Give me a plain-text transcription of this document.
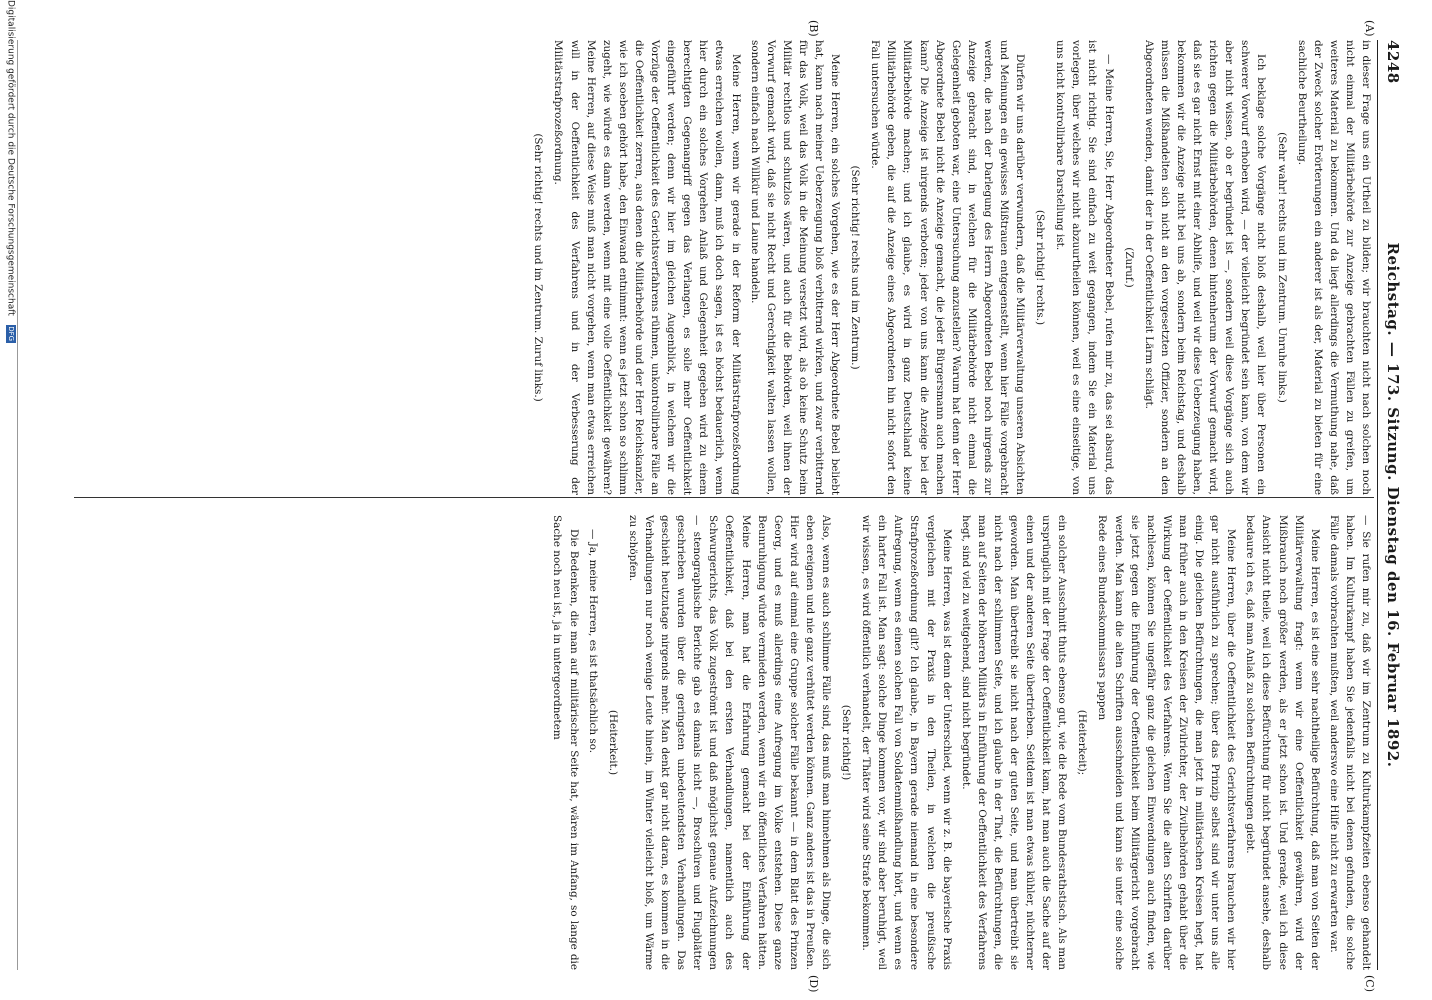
4248
Reichstag. — 173. Sitzung. Dienstag den 16. Februar 1892.
(A)
(B)
(C)
(D)

in dieser Frage uns ein Urtheil zu bilden; wir brauchten nicht nach solchen noch nicht einmal der Militärbehörde zur Anzeige gebrachten Fällen zu greifen, um weiteres Material zu bekommen. Und da liegt allerdings die Vermuthung nahe, daß der Zweck solcher Erörterungen ein anderer ist als der, Material zu bieten für eine sachliche Beurtheilung.

(Sehr wahr! rechts und im Zentrum. Unruhe links.)

Ich beklage solche Vorgänge nicht bloß deshalb, weil hier über Personen ein schwerer Vorwurf erhoben wird, — der vielleicht begründet sein kann, von dem wir aber nicht wissen, ob er begründet ist —, sondern weil diese Vorgänge sich auch richten gegen die Militärbehörden, denen hintenherum der Vorwurf gemacht wird, daß sie es gar nicht Ernst mit einer Abhilfe, und weil wir diese Ueberzeugung haben, bekommen wir die Anzeige nicht bei uns ab, sondern beim Reichstag, und deshalb müssen die Mißhandelten sich nicht an den vorgesetzten Offizier, sondern an den Abgeordneten wenden, damit der in der Oeffentlichkeit Lärm schlägt.

(Zuruf.)

— Meine Herren, Sie, Herr Abgeordneter Bebel, rufen mir zu, das sei absurd, das ist nicht richtig. Sie sind einfach zu weit gegangen, indem Sie ein Material uns vorlegen, über welches wir nicht abzuurtheilen können, weil es eine einseitige, von uns nicht kontrollirbare Darstellung ist.

(Sehr richtig! rechts.)

Dürfen wir uns darüber verwundern, daß die Militärverwaltung unseren Absichten und Meinungen ein gewisses Mißtrauen entgegenstellt, wenn hier Fälle vorgebracht werden, die nach der Darlegung des Herrn Abgeordneten Bebel noch nirgends zur Anzeige gebracht sind, in welchen für die Militärbehörde nicht einmal die Gelegenheit geboten war, eine Untersuchung anzustellen? Warum hat denn der Herr Abgeordnete Bebel nicht die Anzeige gemacht, die jeder Bürgersmann auch machen kann? Die Anzeige ist nirgends verboten; jeder von uns kann die Anzeige bei der Militärbehörde machen; und ich glaube, es wird in ganz Deutschland keine Militärbehörde geben, die auf die Anzeige eines Abgeordneten hin nicht sofort den Fall untersuchen würde.

(Sehr richtig! rechts und im Zentrum.)

Meine Herren, ein solches Vorgehen, wie es der Herr Abgeordnete Bebel beliebt hat, kann nach meiner Ueberzeugung bloß verbitternd wirken, und zwar verbitternd für das Volk, weil das Volk in die Meinung versetzt wird, als ob keine Schutz beim Militär rechtlos und schutzlos wären, und auch für die Behörden, weil ihnen der Vorwurf gemacht wird, daß sie nicht Recht und Gerechtigkeit walten lassen wollen, sondern einfach nach Willkür und Laune handeln.

Meine Herren, wenn wir gerade in der Reform der Militärstrafprozeßordnung etwas erreichen wollen, dann, muß ich doch sagen, ist es höchst bedauerlich, wenn hier durch ein solches Vorgehen Anlaß und Gelegenheit gegeben wird zu einem berechtigten Gegenangriff gegen das Verlangen, es solle mehr Oeffentlichkeit eingeführt werden; denn wir hier im gleichen Augenblick, in welchem wir die Vorzüge der Oeffentlichkeit des Gerichtsverfahrens rühmen, unkontrollirbare Fälle an die Oeffentlichkeit zerren, aus denen die Militärbehörde und der Herr Reichskanzler, wie ich soeben gehört habe, den Einwand entnimmt: wenn es jetzt schon so schlimm zugeht, wie würde es dann werden, wenn mit eine volle Oeffentlichkeit gewähren? Meine Herren, auf diese Weise muß man nicht vorgehen, wenn man etwas erreichen will in der Oeffentlichkeit des Verfahrens und in der Verbesserung der Militärstrafprozeßordnung.

(Sehr richtig! rechts und im Zentrum. Zuruf links.)

— Sie rufen mir zu, daß wir im Zentrum zu Kulturkampfzeiten ebenso gehandelt haben. Im Kulturkampf haben Sie jedenfalls nicht bei denen gefunden, die solche Fälle damals vorbrachten mußten, weil anderswo eine Hilfe nicht zu erwarten war.

Meine Herren, es ist eine sehr nachtheilige Befürchtung, daß man von Seiten der Militärverwaltung fragt: wenn wir eine Oeffentlichkeit gewähren, wird der Mißbrauch noch größer werden, als er jetzt schon ist. Und gerade, weil ich diese Ansicht nicht theile, weil ich diese Befürchtung für nicht begründet ansehe, deshalb bedaure ich es, daß man Anlaß zu solchen Befürchtungen giebt.

Meine Herren, über die Oeffentlichkeit des Gerichtsverfahrens brauchen wir hier gar nicht ausführlich zu sprechen; über das Prinzip selbst sind wir unter uns alle einig. Die gleichen Befürchtungen, die man jetzt in militärischen Kreisen hegt, hat man früher auch in den Kreisen der Zivilrichter, der Zivilbehörden gehabt über die Wirkung der Oeffentlichkeit des Verfahrens. Wenn Sie die alten Schriften darüber nachlesen, können Sie ungefähr ganz die gleichen Einwendungen auch finden, wie sie jetzt gegen die Einführung der Oeffentlichkeit beim Militärgericht vorgebracht werden. Man kann die alten Schriften ausschneiden und kann sie unter eine solche Rede eines Bundeskommissars pappen

(Heiterkeit);

ein solcher Ausschnitt thuts ebenso gut, wie die Rede vom Bundesrathstisch. Als man ursprünglich mit der Frage der Oeffentlichkeit kam, hat man auch die Sache auf der einen und der anderen Seite übertrieben. Seitdem ist man etwas kühler, nüchterner geworden. Man übertreibt sie nicht nach der guten Seite, und man übertreibt sie nicht nach der schlimmen Seite, und ich glaube in der That, die Befürchtungen, die man auf Seiten der höheren Militärs in Einführung der Oeffentlichkeit des Verfahrens hegt, sind viel zu weitgehend, sind nicht begründet.

Meine Herren, was ist denn der Unterschied, wenn wir z. B. die bayerische Praxis vergleichen mit der Praxis in den Theilen, in welchen die preußische Strafprozeßordnung gilt? Ich glaube, in Bayern gerade niemand in eine besondere Aufregung, wenn es einen solchen Fall von Soldatenmißhandlung hört, und wenn es ein harter Fall ist. Man sagt: solche Dinge kommen vor, wir sind aber beruhigt, weil wir wissen, es wird öffentlich verhandelt, der Thäter wird seine Strafe bekommen.

(Sehr richtig!)

Also, wenn es auch schlimme Fälle sind, das muß man hinnehmen als Dinge, die sich eben ereignen und nie ganz verhütet werden können. Ganz anders ist das in Preußen. Hier wird auf einmal eine Gruppe solcher Fälle bekannt — in dem Blatt des Prinzen Georg, und es muß allerdings eine Aufregung im Volke entstehen. Diese ganze Beunruhigung würde vermieden werden, wenn wir ein öffentliches Verfahren hätten. Meine Herren, man hat die Erfahrung gemacht bei der Einführung der Oeffentlichkeit, daß bei den ersten Verhandlungen, namentlich auch des Schwurgerichts, das Volk zugeströmt ist und daß möglichst genaue Aufzeichnungen — stenographische Berichte gab es damals nicht —, Broschüren und Flugblätter geschrieben wurden über die geringsten unbedeutendsten Verhandlungen. Das geschieht heutzutage nirgends mehr. Man denkt gar nicht daran, es kommen in die Verhandlungen nur noch wenige Leute hinein, im Winter vielleicht bloß, um Wärme zu schöpfen.

(Heiterkeit.)

— Ja, meine Herren, es ist thatsächlich so.

Die Bedenken, die man auf militärischer Seite hat, wären im Anfang, so lange die Sache noch neu ist, ja in untergeordnetem

Digitalisierung gefördert durch die Deutsche Forschungsgemeinschaft DFG
